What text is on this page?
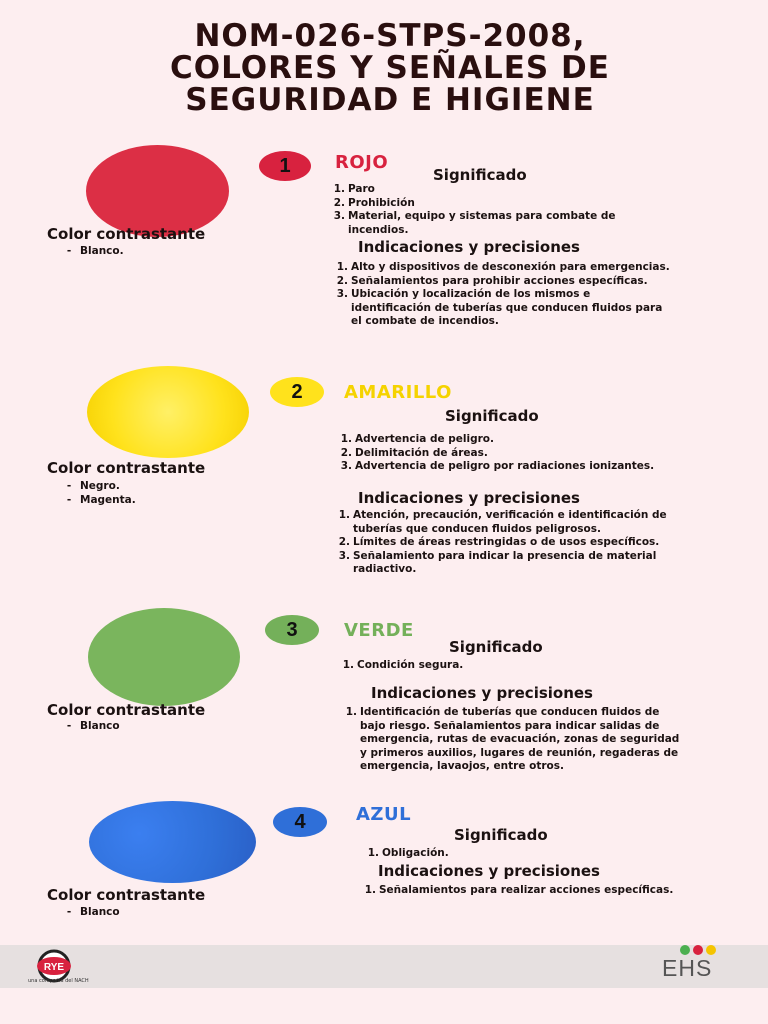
NOM-026-STPS-2008,
COLORES Y SEÑALES DE
SEGURIDAD E HIGIENE
1 ROJO
Significado
1. Paro
2. Prohibición
3. Material, equipo y sistemas para combate de incendios.
Indicaciones y precisiones
1. Alto y dispositivos de desconexión para emergencias.
2. Señalamientos para prohibir acciones específicas.
3. Ubicación y localización de los mismos e identificación de tuberías que conducen fluidos para el combate de incendios.
Color contrastante
- Blanco.
2 AMARILLO
Significado
1. Advertencia de peligro.
2. Delimitación de áreas.
3. Advertencia de peligro por radiaciones ionizantes.
Indicaciones y precisiones
1. Atención, precaución, verificación e identificación de tuberías que conducen fluidos peligrosos.
2. Límites de áreas restringidas o de usos específicos.
3. Señalamiento para indicar la presencia de material radiactivo.
Color contrastante
- Negro.
- Magenta.
3	VERDE
Significado
1. Condición segura.
Indicaciones y precisiones
1. Identificación de tuberías que conducen fluidos de bajo riesgo. Señalamientos para indicar salidas de emergencia, rutas de evacuación, zonas de seguridad y primeros auxilios, lugares de reunión, regaderas de emergencia, lavaojos, entre otros.
Color contrastante
- Blanco
4	AZUL
Significado
1. Obligación.
Indicaciones y precisiones
1. Señalamientos para realizar acciones específicas.
Color contrastante
- Blanco
RYE
una compañía del NACH	EHS
